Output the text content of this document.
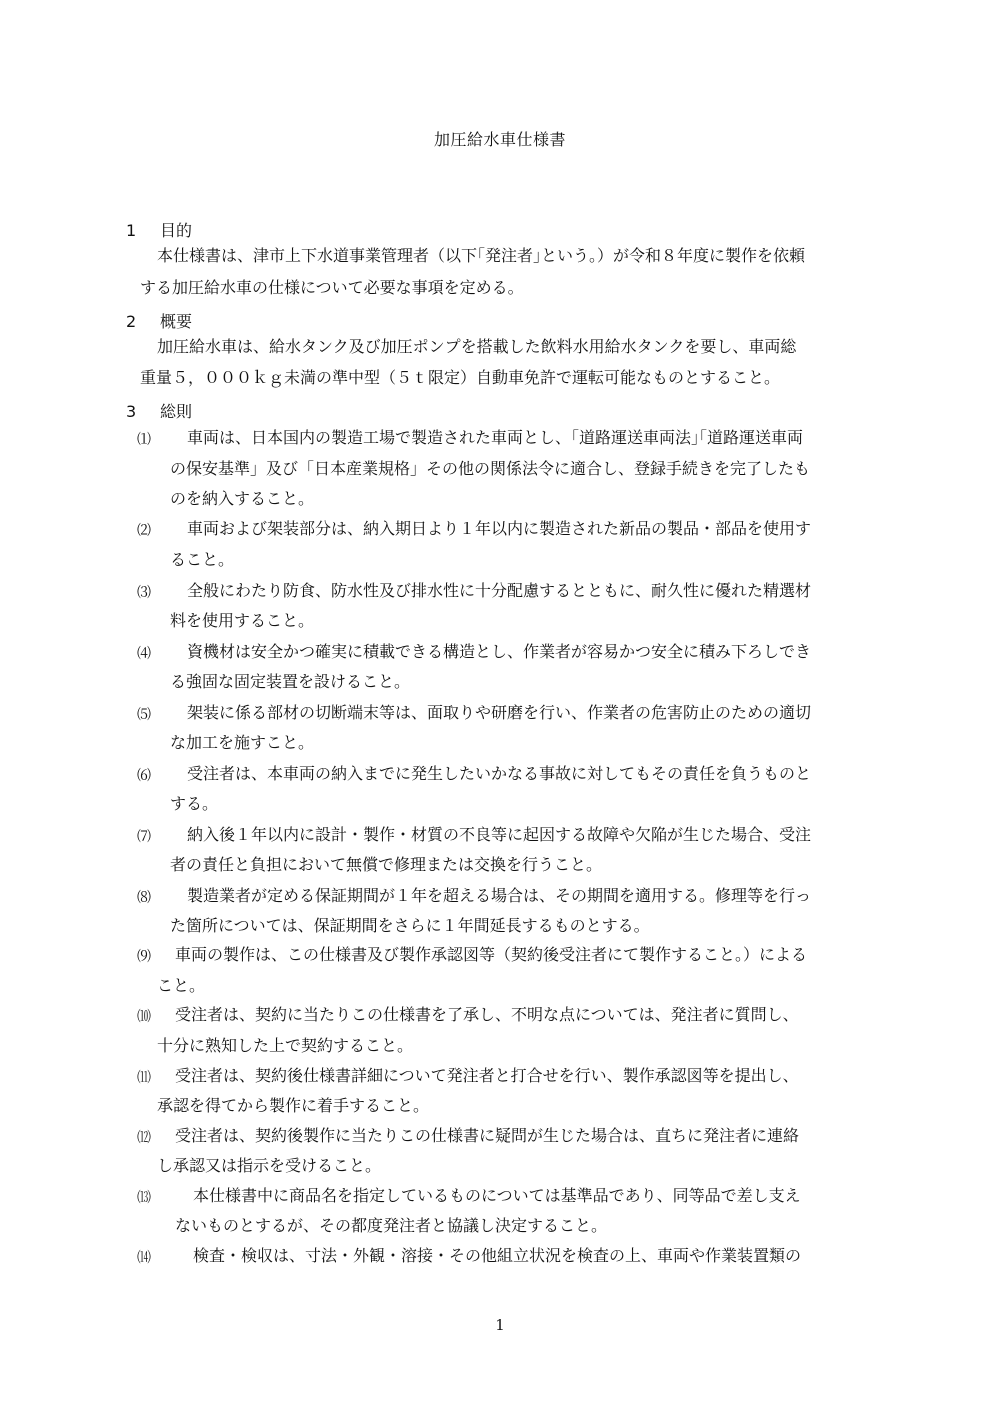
加圧給水車仕様書
1 目的
本仕様書は、津市上下水道事業管理者（以下｢発注者｣という。）が令和８年度に製作を依頼
する加圧給水車の仕様について必要な事項を定める。
2 概要
加圧給水車は、給水タンク及び加圧ポンプを搭載した飲料水用給水タンクを要し、車両総
重量５，０００ｋｇ未満の準中型（５ｔ限定）自動車免許で運転可能なものとすること。
3 総則
⑴ 車両は、日本国内の製造工場で製造された車両とし、｢道路運送車両法｣｢道路運送車両
の保安基準」及び「日本産業規格」その他の関係法令に適合し、登録手続きを完了したも
のを納入すること。
⑵ 車両および架装部分は、納入期日より１年以内に製造された新品の製品・部品を使用す
ること。
⑶ 全般にわたり防食、防水性及び排水性に十分配慮するとともに、耐久性に優れた精選材
料を使用すること。
⑷ 資機材は安全かつ確実に積載できる構造とし、作業者が容易かつ安全に積み下ろしでき
る強固な固定装置を設けること。
⑸ 架装に係る部材の切断端末等は、面取りや研磨を行い、作業者の危害防止のための適切
な加工を施すこと。
⑹ 受注者は、本車両の納入までに発生したいかなる事故に対してもその責任を負うものと
する。
⑺ 納入後１年以内に設計・製作・材質の不良等に起因する故障や欠陥が生じた場合、受注
者の責任と負担において無償で修理または交換を行うこと。
⑻ 製造業者が定める保証期間が１年を超える場合は、その期間を適用する。修理等を行っ
た箇所については、保証期間をさらに１年間延長するものとする。
⑼ 車両の製作は、この仕様書及び製作承認図等（契約後受注者にて製作すること。）による
こと。
⑽ 受注者は、契約に当たりこの仕様書を了承し、不明な点については、発注者に質問し、
十分に熟知した上で契約すること。
⑾ 受注者は、契約後仕様書詳細について発注者と打合せを行い、製作承認図等を提出し、
承認を得てから製作に着手すること。
⑿ 受注者は、契約後製作に当たりこの仕様書に疑問が生じた場合は、直ちに発注者に連絡
し承認又は指示を受けること。
⒀	本仕様書中に商品名を指定しているものについては基準品であり、同等品で差し支え
ないものとするが、その都度発注者と協議し決定すること。
⒁	検査・検収は、寸法・外観・溶接・その他組立状況を検査の上、車両や作業装置類の
1
